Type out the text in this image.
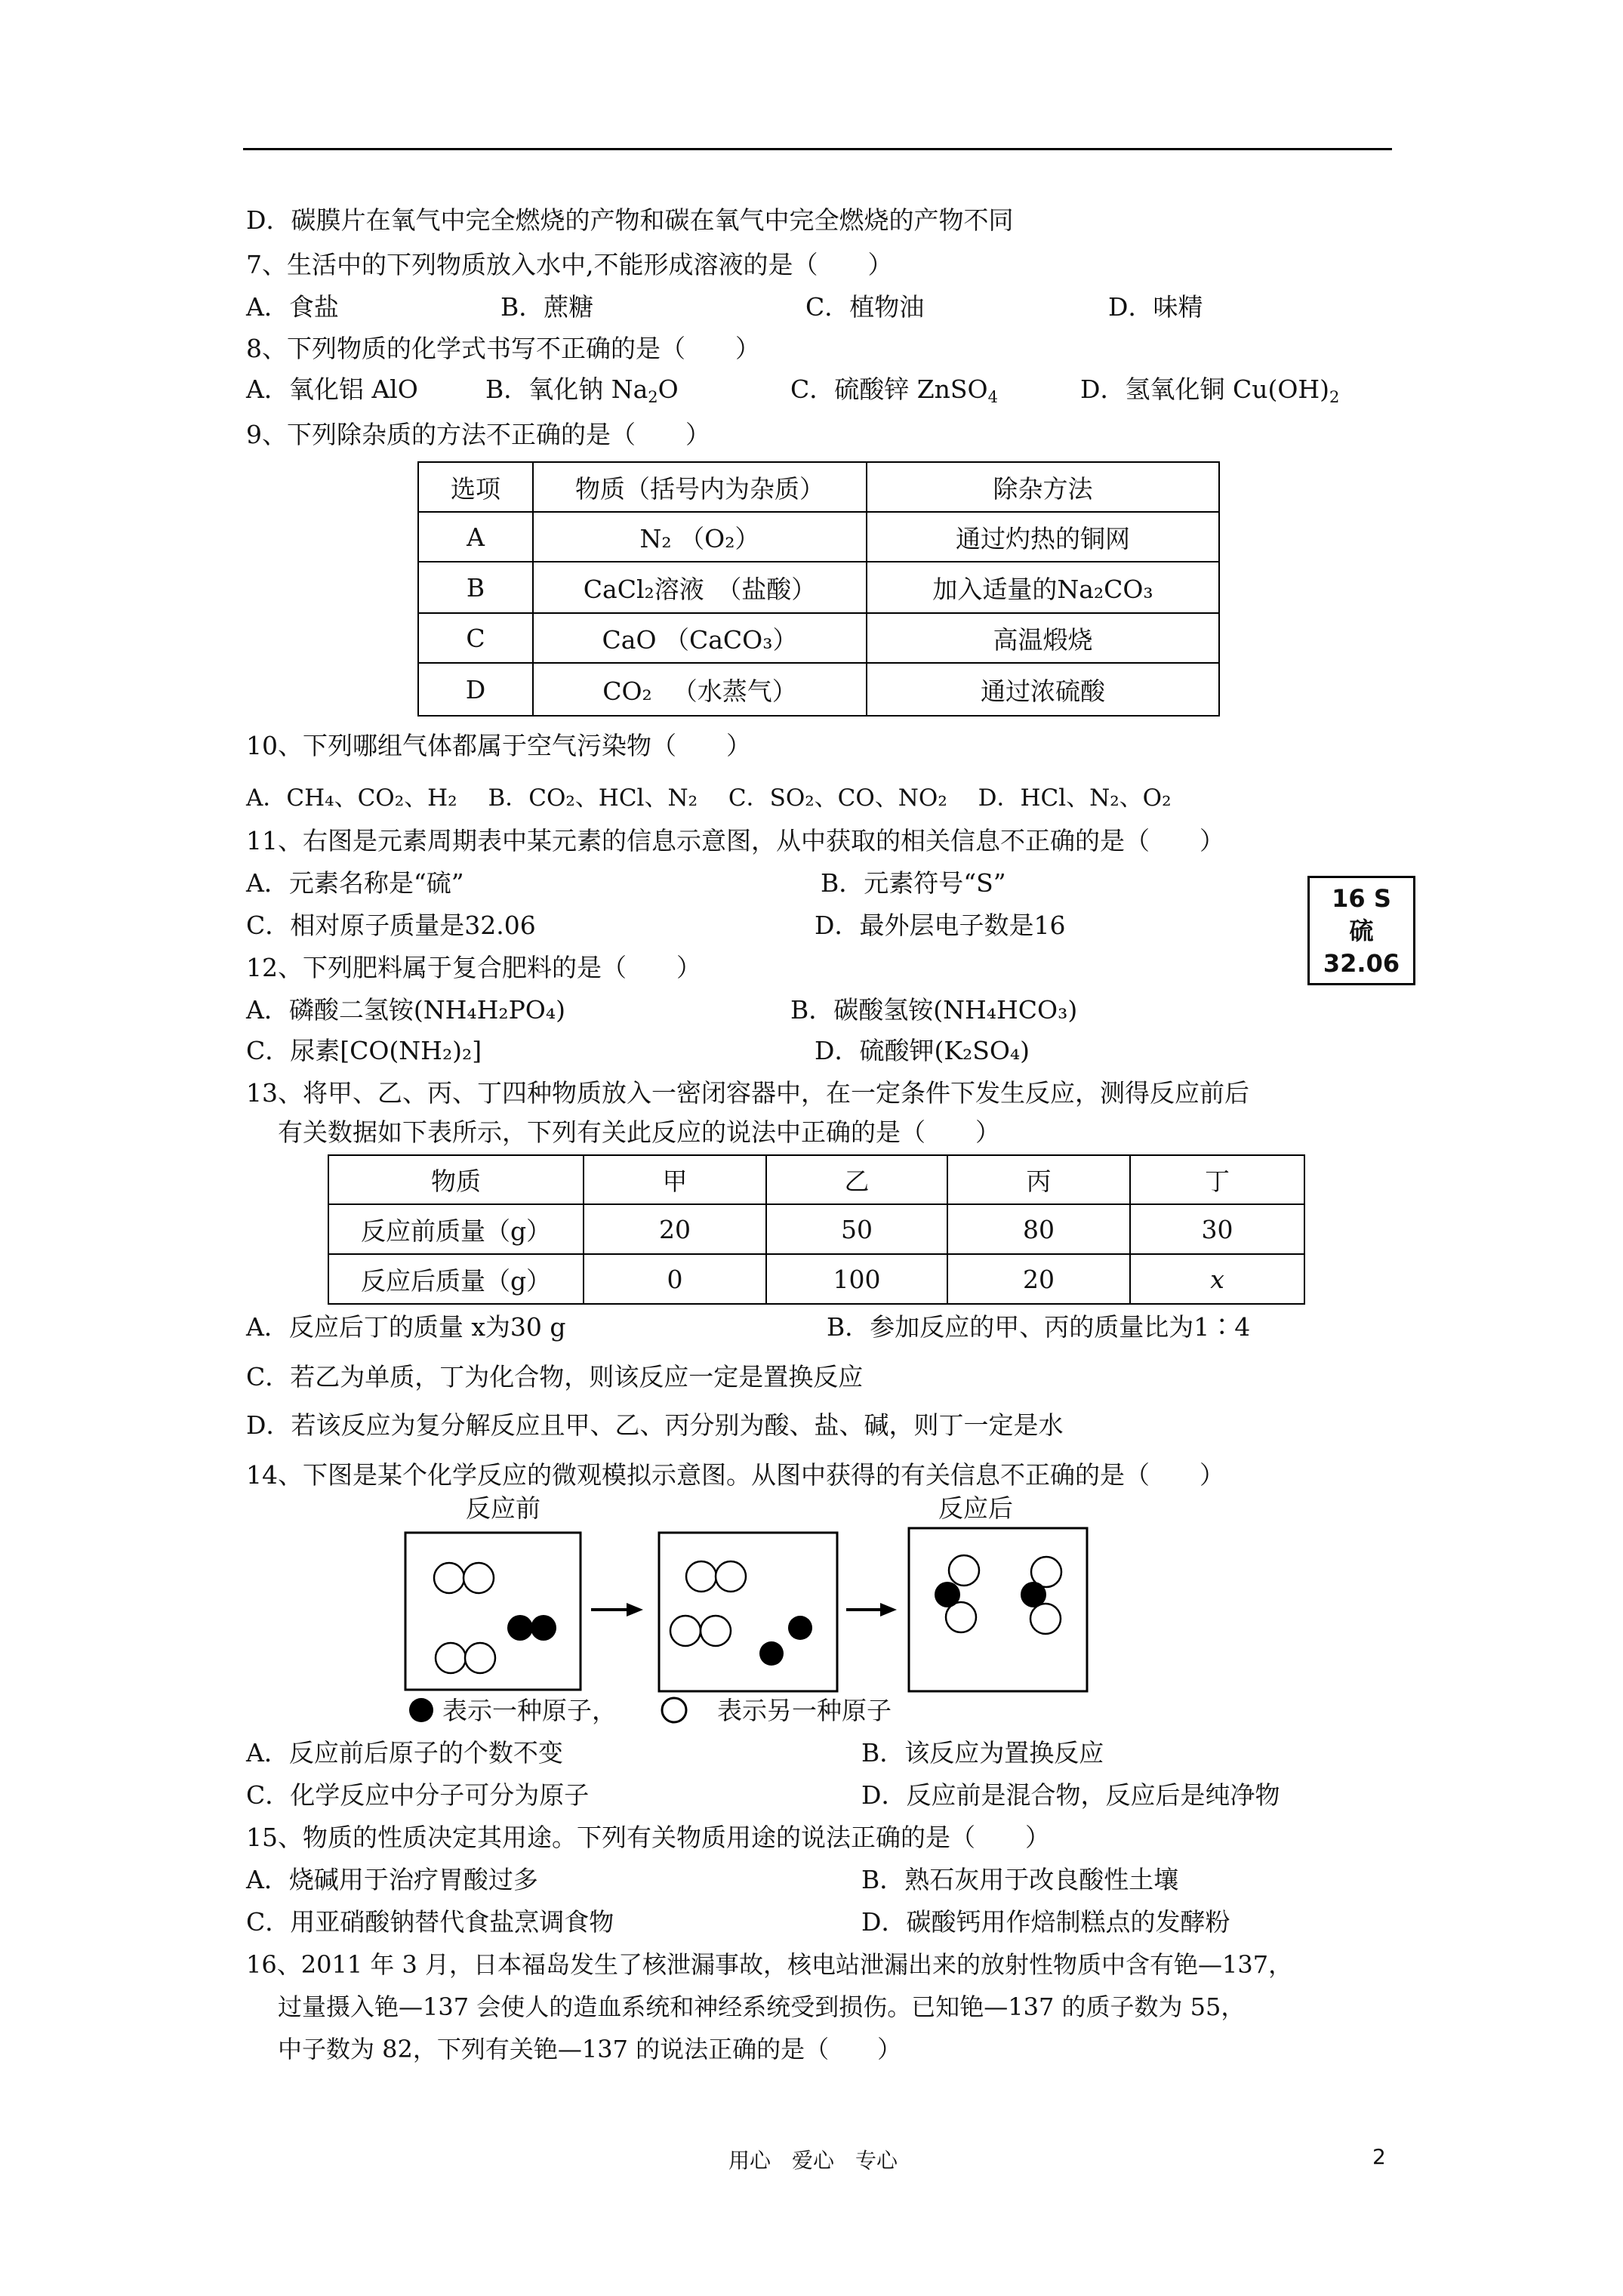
D．碳膜片在氧气中完全燃烧的产物和碳在氧气中完全燃烧的产物不同
7、生活中的下列物质放入水中,不能形成溶液的是（　　）
A．食盐	B．蔗糖	C．植物油	D．味精
8、下列物质的化学式书写不正确的是（　　）
A．氧化铝 AlO	B．氧化钠 $Na_2O$	C．硫酸锌 ZnSO$_4$	D．氢氧化铜 $Cu(OH)_2$
9、下列除杂质的方法不正确的是（　　）
选项	物质（括号内为杂质）	除杂方法
A	N₂ （O₂）	通过灼热的铜网
B	CaCl₂溶液　（盐酸）	加入适量的Na₂CO₃
C	CaO （CaCO₃）	高温煅烧
D	CO₂ 　（水蒸气）	通过浓硫酸
10、下列哪组气体都属于空气污染物（　　）
A．CH₄、CO₂、H₂　 B．CO₂、HCl、N₂　 C．SO₂、CO、NO₂　 D．HCl、N₂、O₂
11、右图是元素周期表中某元素的信息示意图，从中获取的相关信息不正确的是（　　）
A．元素名称是“硫”	B．元素符号“S”
C．相对原子质量是32.06	D．最外层电子数是16
16 S
硫
32.06
12、下列肥料属于复合肥料的是（　　）
A．磷酸二氢铵(NH₄H₂PO₄)	B．碳酸氢铵(NH₄HCO₃)
C．尿素[CO(NH₂)₂]	D．硫酸钾(K₂SO₄)
13、将甲、乙、丙、丁四种物质放入一密闭容器中，在一定条件下发生反应，测得反应前后
有关数据如下表所示，下列有关此反应的说法中正确的是（　　）
物质	甲	乙	丙	丁
反应前质量（g）	20	50	80	30
反应后质量（g）	0	100	20	x
A．反应后丁的质量 x为30 g	B．参加反应的甲、丙的质量比为1∶4
C．若乙为单质，丁为化合物，则该反应一定是置换反应
D．若该反应为复分解反应且甲、乙、丙分别为酸、盐、碱，则丁一定是水
14、下图是某个化学反应的微观模拟示意图。从图中获得的有关信息不正确的是（　　）
反应前	反应后
表示一种原子，	表示另一种原子
A．反应前后原子的个数不变	B．该反应为置换反应
C．化学反应中分子可分为原子	D．反应前是混合物，反应后是纯净物
15、物质的性质决定其用途。下列有关物质用途的说法正确的是（　　）
A．烧碱用于治疗胃酸过多	B．熟石灰用于改良酸性土壤
C．用亚硝酸钠替代食盐烹调食物	D．碳酸钙用作焙制糕点的发酵粉
16、2011 年 3 月，日本福岛发生了核泄漏事故，核电站泄漏出来的放射性物质中含有铯—137，
过量摄入铯—137 会使人的造血系统和神经系统受到损伤。已知铯—137 的质子数为 55，
中子数为 82，下列有关铯—137 的说法正确的是（　　）
用心　爱心　专心	2
